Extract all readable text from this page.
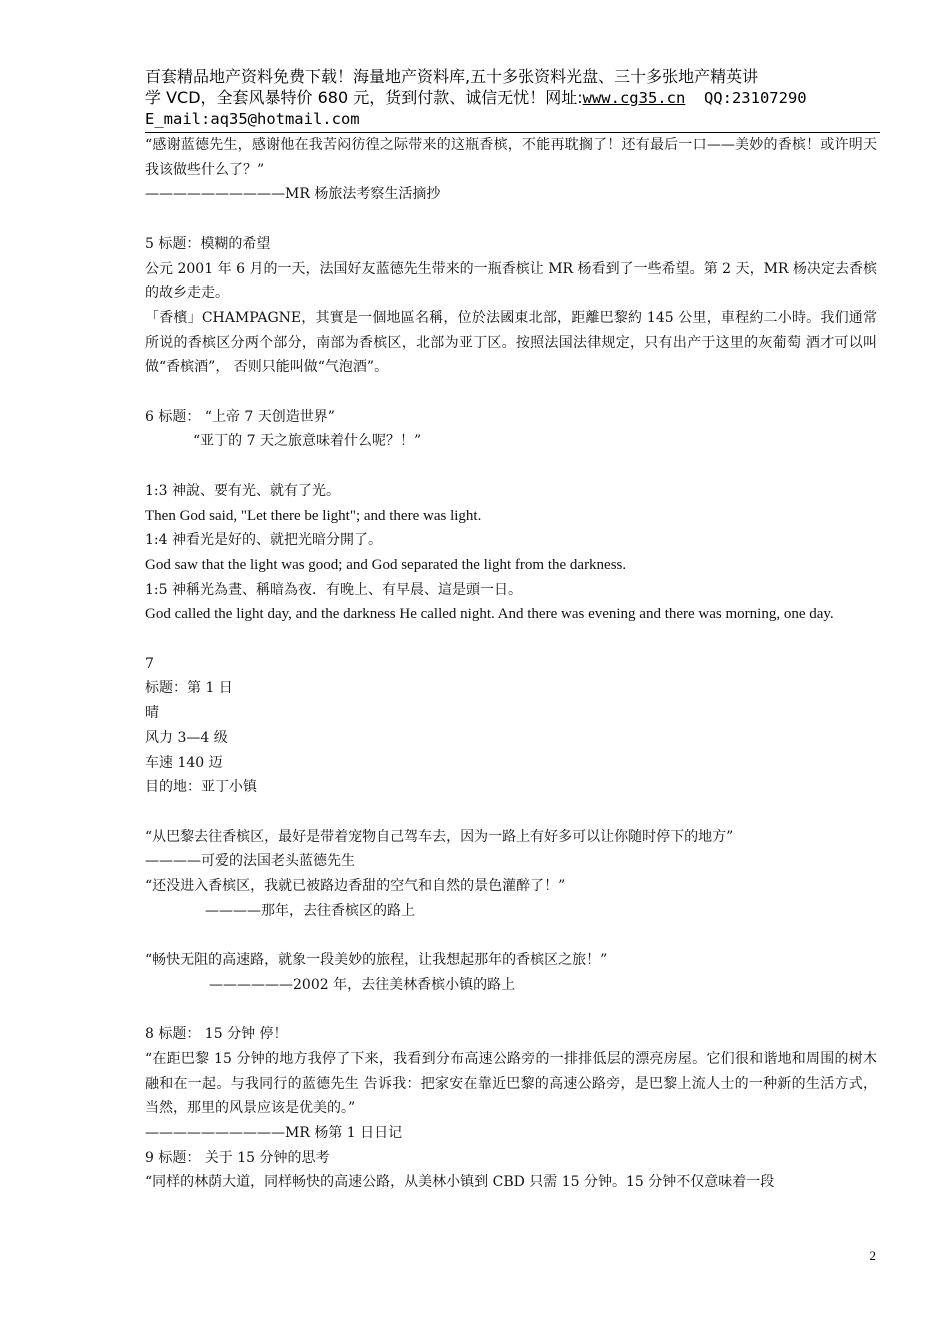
百套精品地产资料免费下载！海量地产资料库,五十多张资料光盘、三十多张地产精英讲
学 VCD，全套风暴特价 680 元，货到付款、诚信无忧！网址:www.cg35.cn QQ:23107290
E_mail:aq35@hotmail.com
“感谢蓝德先生，感谢他在我苦闷彷徨之际带来的这瓶香槟，不能再耽搁了！还有最后一口——美妙的香槟！或许明天我该做些什么了？”
——————————MR 杨旅法考察生活摘抄
5 标题：模糊的希望
公元 2001 年 6 月的一天，法国好友蓝德先生带来的一瓶香槟让 MR 杨看到了一些希望。第 2 天，MR 杨决定去香槟的故乡走走。
「香檳」CHAMPAGNE，其實是一個地區名稱，位於法國東北部，距離巴黎約 145 公里，車程約二小時。我们通常所说的香槟区分两个部分，南部为香槟区，北部为亚丁区。按照法国法律规定，只有出产于这里的灰葡萄 酒才可以叫做“香槟酒”， 否则只能叫做“气泡酒”。
6 标题： “上帝 7 天创造世界”
“亚丁的 7 天之旅意味着什么呢？！”
1:3 神說、要有光、就有了光。
Then God said, "Let there be light"; and there was light.
1:4 神看光是好的、就把光暗分開了。
God saw that the light was good; and God separated the light from the darkness.
1:5 神稱光為晝、稱暗為夜．有晚上、有早晨、這是頭一日。
God called the light day, and the darkness He called night. And there was evening and there was morning, one day.
7
标题：第 1 日
晴
风力 3—4 级
车速 140 迈
目的地：亚丁小镇
“从巴黎去往香槟区，最好是带着宠物自己驾车去，因为一路上有好多可以让你随时停下的地方”
————可爱的法国老头蓝德先生
“还没进入香槟区，我就已被路边香甜的空气和自然的景色灌醉了！”
————那年，去往香槟区的路上
“畅快无阻的高速路，就象一段美妙的旅程，让我想起那年的香槟区之旅！”
——————2002 年，去往美林香槟小镇的路上
8 标题： 15 分钟 停！
“在距巴黎 15 分钟的地方我停了下来，我看到分布高速公路旁的一排排低层的漂亮房屋。它们很和谐地和周围的树木融和在一起。与我同行的蓝德先生 告诉我：把家安在靠近巴黎的高速公路旁，是巴黎上流人士的一种新的生活方式，当然，那里的风景应该是优美的。”
——————————MR 杨第 1 日日记
9 标题： 关于 15 分钟的思考
“同样的林荫大道，同样畅快的高速公路，从美林小镇到 CBD 只需 15 分钟。15 分钟不仅意味着一段
2
